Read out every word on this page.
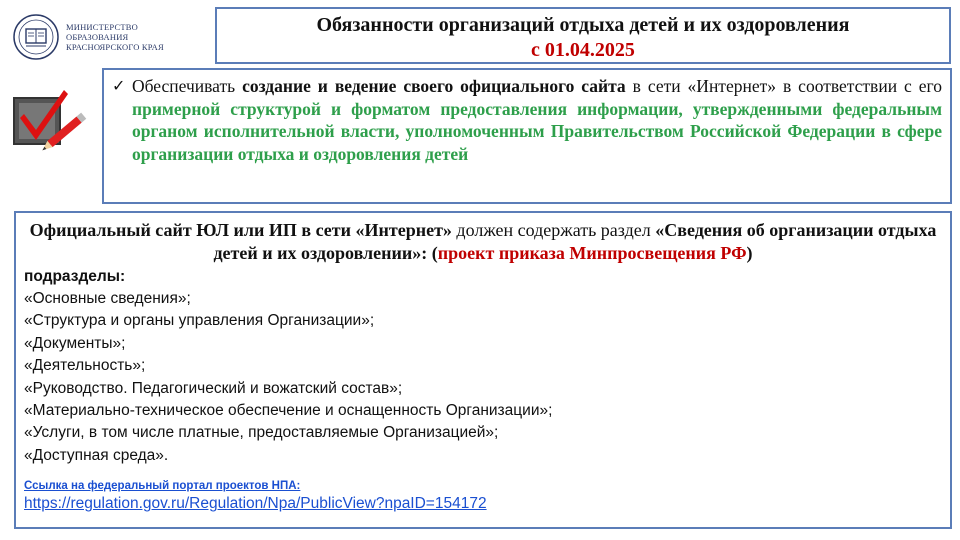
МИНИСТЕРСТВО
ОБРАЗОВАНИЯ
КРАСНОЯРСКОГО КРАЯ
Обязанности организаций отдыха детей и их оздоровления
с 01.04.2025
✓ Обеспечивать создание и ведение своего официального сайта в сети «Интернет» в соответствии с его примерной структурой и форматом предоставления информации, утвержденными федеральным органом исполнительной власти, уполномоченным Правительством Российской Федерации в сфере организации отдыха и оздоровления детей
Официальный сайт ЮЛ или ИП в сети «Интернет» должен содержать раздел «Сведения об организации отдыха детей и их оздоровлении»: (проект приказа Минпросвещения РФ)
подразделы:
«Основные сведения»;
«Структура и органы управления Организации»;
«Документы»;
«Деятельность»;
«Руководство. Педагогический и вожатский состав»;
«Материально-техническое обеспечение и оснащенность Организации»;
«Услуги, в том числе платные, предоставляемые Организацией»;
«Доступная среда».
Ссылка на федеральный портал проектов НПА:
https://regulation.gov.ru/Regulation/Npa/PublicView?npaID=154172
